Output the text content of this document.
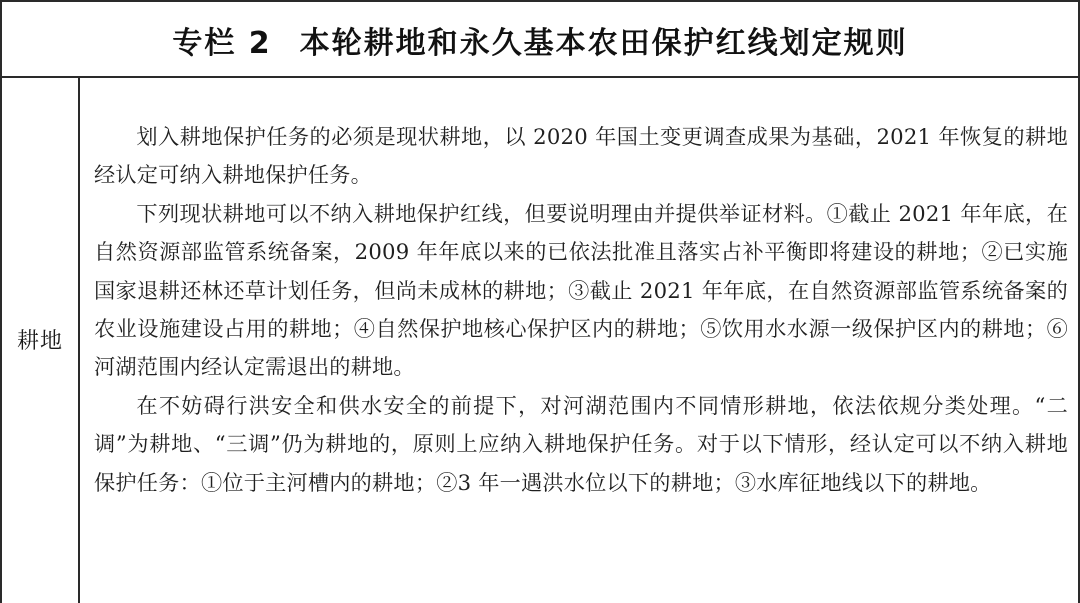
专栏 2 本轮耕地和永久基本农田保护红线划定规则
耕地

划入耕地保护任务的必须是现状耕地，以 2020 年国土变更调查成果为基础，2021 年恢复的耕地经认定可纳入耕地保护任务。

下列现状耕地可以不纳入耕地保护红线，但要说明理由并提供举证材料。①截止 2021 年年底，在自然资源部监管系统备案，2009 年年底以来的已依法批准且落实占补平衡即将建设的耕地；②已实施国家退耕还林还草计划任务，但尚未成林的耕地；③截止 2021 年年底，在自然资源部监管系统备案的农业设施建设占用的耕地；④自然保护地核心保护区内的耕地；⑤饮用水水源一级保护区内的耕地；⑥河湖范围内经认定需退出的耕地。

在不妨碍行洪安全和供水安全的前提下，对河湖范围内不同情形耕地，依法依规分类处理。“二调”为耕地、“三调”仍为耕地的，原则上应纳入耕地保护任务。对于以下情形，经认定可以不纳入耕地保护任务：①位于主河槽内的耕地；②3 年一遇洪水位以下的耕地；③水库征地线以下的耕地。
